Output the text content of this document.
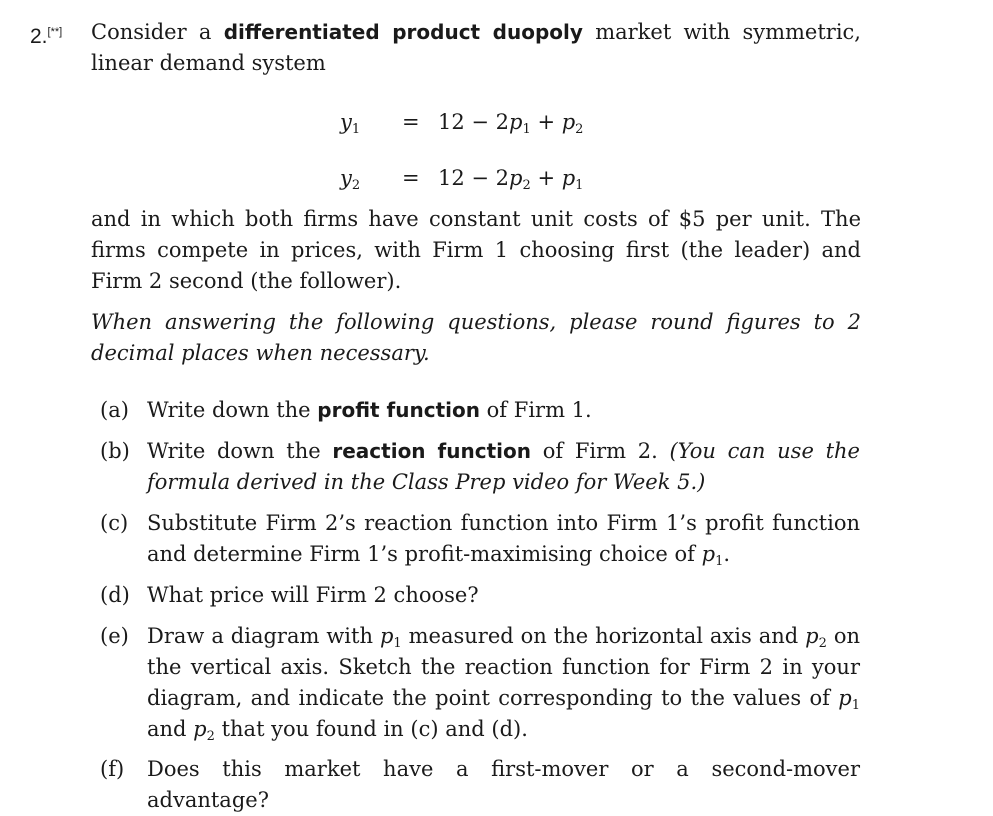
2.[**] Consider a differentiated product duopoly market with symmetric, linear demand system
$y_1 = 12 - 2p_1 + p_2$
$y_2 = 12 - 2p_2 + p_1$
and in which both firms have constant unit costs of $5 per unit. The firms compete in prices, with Firm 1 choosing first (the leader) and Firm 2 second (the follower).
When answering the following questions, please round figures to 2 decimal places when necessary.
(a) Write down the profit function of Firm 1.
(b) Write down the reaction function of Firm 2. (You can use the formula derived in the Class Prep video for Week 5.)
(c) Substitute Firm 2’s reaction function into Firm 1’s profit function and determine Firm 1’s profit-maximising choice of $p_1$.
(d) What price will Firm 2 choose?
(e) Draw a diagram with $p_1$ measured on the horizontal axis and $p_2$ on the vertical axis. Sketch the reaction function for Firm 2 in your diagram, and indicate the point corresponding to the values of $p_1$ and $p_2$ that you found in (c) and (d).
(f) Does this market have a first-mover or a second-mover advantage?
